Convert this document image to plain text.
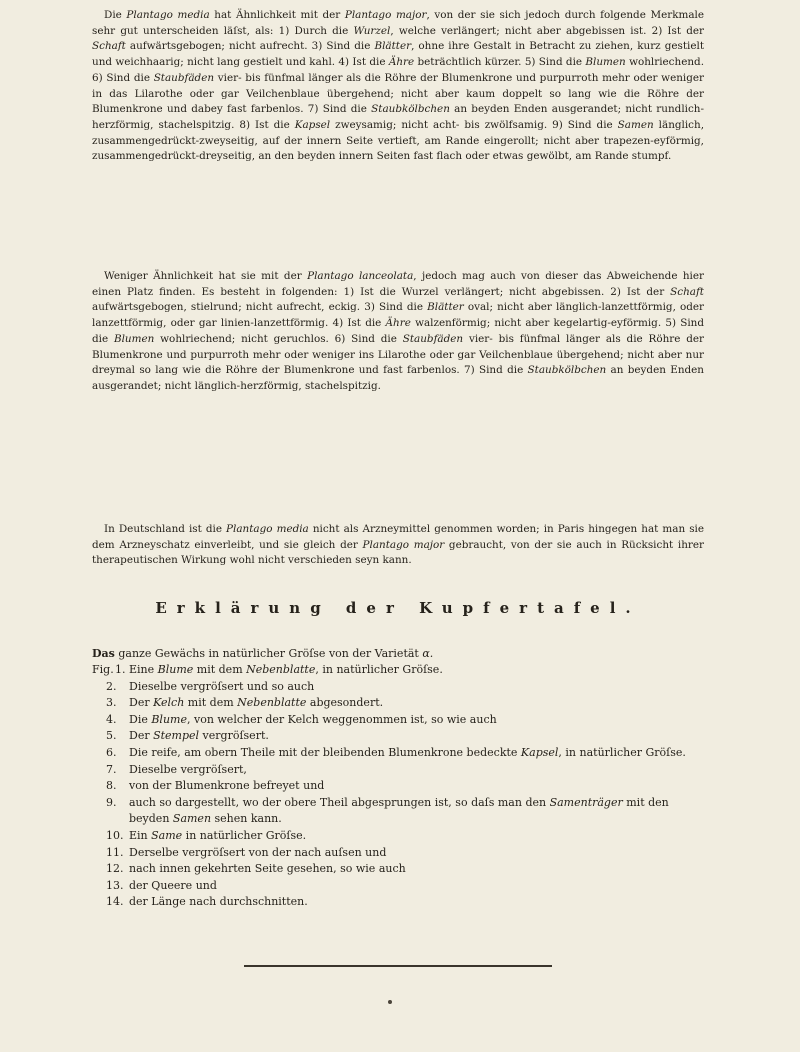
Die Plantago media hat Ähnlichkeit mit der Plantago major, von der sie sich jedoch durch folgende Merkmale sehr gut unterscheiden läſst, als: 1) Durch die Wurzel, welche verlängert; nicht aber abgebissen ist. 2) Ist der Schaft aufwärtsgebogen; nicht aufrecht. 3) Sind die Blätter, ohne ihre Gestalt in Betracht zu ziehen, kurz gestielt und weichhaarig; nicht lang gestielt und kahl. 4) Ist die Ähre beträchtlich kürzer. 5) Sind die Blumen wohlriechend. 6) Sind die Staubfäden vier- bis fünfmal länger als die Röhre der Blumenkrone und purpurroth mehr oder weniger in das Lilarothe oder gar Veilchenblaue übergehend; nicht aber kaum doppelt so lang wie die Röhre der Blumenkrone und dabey fast farbenlos. 7) Sind die Staubkölbchen an beyden Enden ausgerandet; nicht rundlich-herzförmig, stachelspitzig. 8) Ist die Kapsel zweysamig; nicht acht- bis zwölfsamig. 9) Sind die Samen länglich, zusammengedrückt-zweyseitig, auf der innern Seite vertieft, am Rande eingerollt; nicht aber trapezen-eyförmig, zusammengedrückt-dreyseitig, an den beyden innern Seiten fast flach oder etwas gewölbt, am Rande stumpf.

Weniger Ähnlichkeit hat sie mit der Plantago lanceolata, jedoch mag auch von dieser das Abweichende hier einen Platz finden. Es besteht in folgenden: 1) Ist die Wurzel verlängert; nicht abgebissen. 2) Ist der Schaft aufwärtsgebogen, stielrund; nicht aufrecht, eckig. 3) Sind die Blätter oval; nicht aber länglich-lanzettförmig, oder lanzettförmig, oder gar linien-lanzettförmig. 4) Ist die Ähre walzenförmig; nicht aber kegelartig-eyförmig. 5) Sind die Blumen wohlriechend; nicht geruchlos. 6) Sind die Staubfäden vier- bis fünfmal länger als die Röhre der Blumenkrone und purpurroth mehr oder weniger ins Lilarothe oder gar Veilchenblaue übergehend; nicht aber nur dreymal so lang wie die Röhre der Blumenkrone und fast farbenlos. 7) Sind die Staubkölbchen an beyden Enden ausgerandet; nicht länglich-herzförmig, stachelspitzig.

In Deutschland ist die Plantago media nicht als Arzneymittel genommen worden; in Paris hingegen hat man sie dem Arzneyschatz einverleibt, und sie gleich der Plantago major gebraucht, von der sie auch in Rücksicht ihrer therapeutischen Wirkung wohl nicht verschieden seyn kann.

Erklärung der Kupfertafel.

Das ganze Gewächs in natürlicher Gröſse von der Varietät α.

Fig. 1. Eine Blume mit dem Nebenblatte, in natürlicher Gröſse.
2.	Dieselbe vergröſsert und so auch
3.	Der Kelch mit dem Nebenblatte abgesondert.
4.	Die Blume, von welcher der Kelch weggenommen ist, so wie auch
5.	Der Stempel vergröſsert.
6.	Die reife, am obern Theile mit der bleibenden Blumenkrone bedeckte Kapsel, in natürlicher Gröſse.
7.	Dieselbe vergröſsert,
8.	von der Blumenkrone befreyet und
9.	auch so dargestellt, wo der obere Theil abgesprungen ist, so daſs man den Samenträger mit den beyden Samen sehen kann.
10. Ein Same in natürlicher Gröſse.
11. Derselbe vergröſsert von der nach auſsen und
12. nach innen gekehrten Seite gesehen, so wie auch
13. der Queere und
14. der Länge nach durchschnitten.
